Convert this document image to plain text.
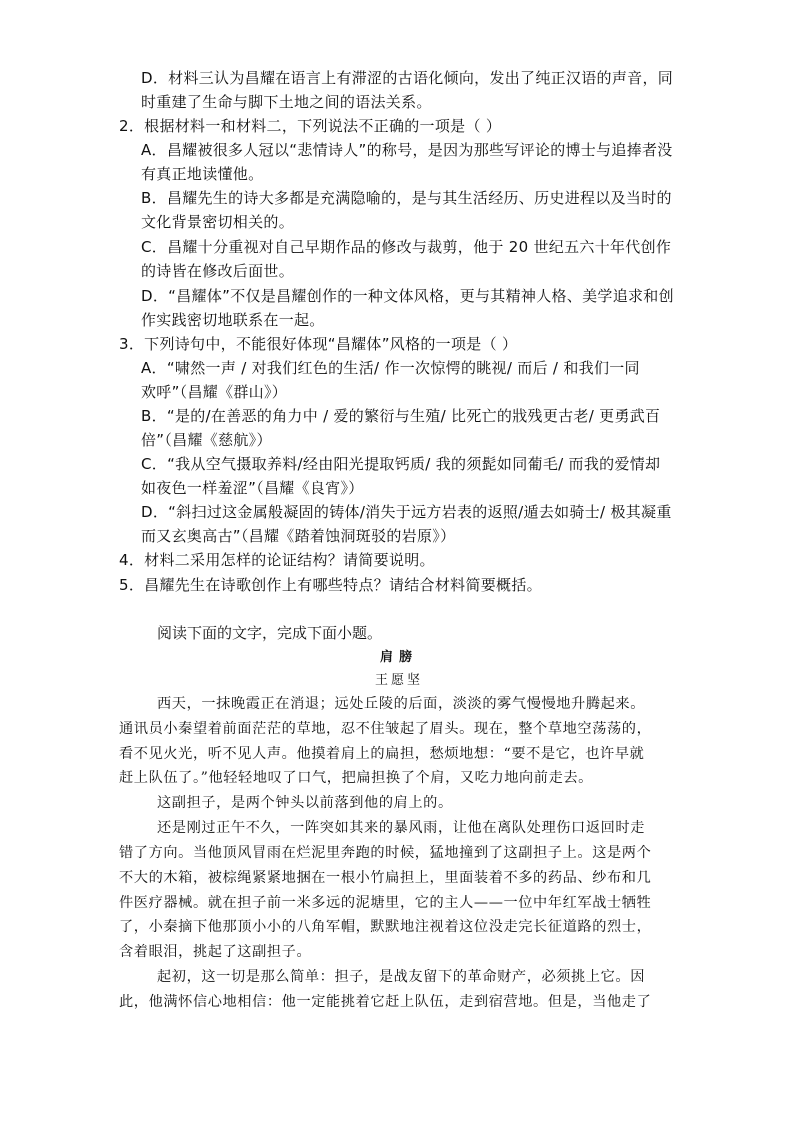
D．材料三认为昌耀在语言上有滞涩的古语化倾向，发出了纯正汉语的声音，同
时重建了生命与脚下土地之间的语法关系。
2．根据材料一和材料二，下列说法不正确的一项是（ ）
A．昌耀被很多人冠以“悲情诗人”的称号，是因为那些写评论的博士与追捧者没
有真正地读懂他。
B．昌耀先生的诗大多都是充满隐喻的，是与其生活经历、历史进程以及当时的
文化背景密切相关的。
C．昌耀十分重视对自己早期作品的修改与裁剪，他于 20 世纪五六十年代创作
的诗皆在修改后面世。
D．“昌耀体”不仅是昌耀创作的一种文体风格，更与其精神人格、美学追求和创
作实践密切地联系在一起。
3．下列诗句中，不能很好体现“昌耀体”风格的一项是（ ）
A．“啸然一声 / 对我们红色的生活/ 作一次惊愕的眺视/ 而后 / 和我们一同
欢呼”（昌耀《群山》）
B．“是的/在善恶的角力中 / 爱的繁衍与生殖/ 比死亡的戕残更古老/ 更勇武百
倍”（昌耀《慈航》）
C．“我从空气摄取养料/经由阳光提取钙质/ 我的须髭如同葡毛/ 而我的爱情却
如夜色一样羞涩”（昌耀《良宵》）
D．“斜扫过这金属般凝固的铸体/消失于远方岩表的返照/遁去如骑士/ 极其凝重
而又玄奥高古”（昌耀《踏着蚀洞斑驳的岩原》）
4．材料二采用怎样的论证结构？请简要说明。
5．昌耀先生在诗歌创作上有哪些特点？请结合材料简要概括。
阅读下面的文字，完成下面小题。
肩膀
王愿坚
西天，一抹晚霞正在消退；远处丘陵的后面，淡淡的雾气慢慢地升腾起来。
通讯员小秦望着前面茫茫的草地，忍不住皱起了眉头。现在，整个草地空荡荡的，
看不见火光，听不见人声。他摸着肩上的扁担，愁烦地想：“要不是它，也许早就
赶上队伍了。”他轻轻地叹了口气，把扁担换了个肩，又吃力地向前走去。
这副担子，是两个钟头以前落到他的肩上的。
还是刚过正午不久，一阵突如其来的暴风雨，让他在离队处理伤口返回时走
错了方向。当他顶风冒雨在烂泥里奔跑的时候，猛地撞到了这副担子上。这是两个
不大的木箱，被棕绳紧紧地捆在一根小竹扁担上，里面装着不多的药品、纱布和几
件医疗器械。就在担子前一米多远的泥塘里，它的主人——一位中年红军战士牺牲
了，小秦摘下他那顶小小的八角军帽，默默地注视着这位没走完长征道路的烈士，
含着眼泪，挑起了这副担子。
起初，这一切是那么简单：担子，是战友留下的革命财产，必须挑上它。因
此，他满怀信心地相信：他一定能挑着它赶上队伍，走到宿营地。但是，当他走了
